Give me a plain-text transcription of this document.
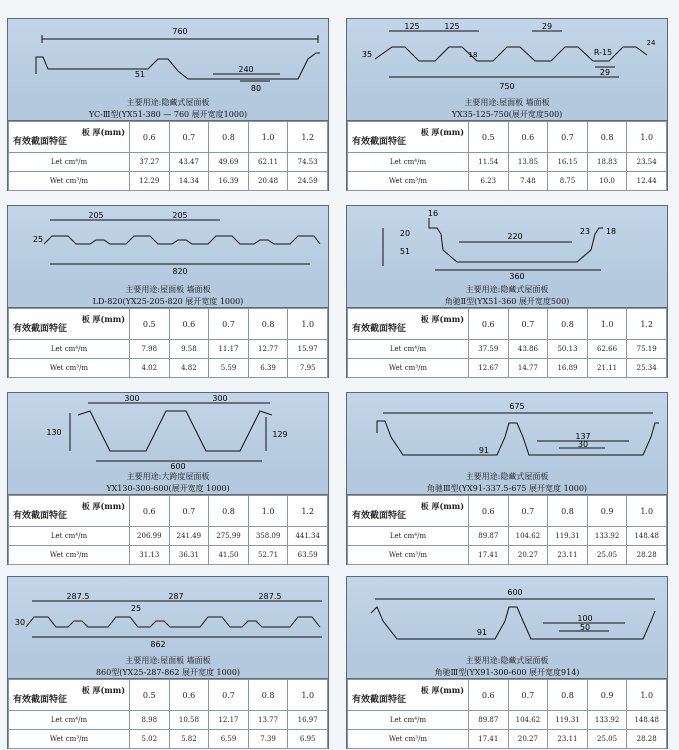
760
240
80
51
主要用途:隐藏式屋面板
YC-Ⅲ型(YX51-380 — 760 展开宽度1000)
板 厚(mm)
有效截面特征	0.6	0.7	0.8	1.0	1.2
Let cm⁴/m	37.27	43.47	49.69	62.11	74.53
Wet cm³/m	12.29	14.34	16.39	20.48	24.59
125	125	29
35	18	R-15
24
29
750
主要用途:屋面板 墙面板
YX35-125-750(展开宽度500)
板 厚(mm)
有效截面特征	0.5	0.6	0.7	0.8	1.0
Let cm⁴/m	11.54	13.85	16.15	18.83	23.54
Wet cm³/m	6.23	7.48	8.75	10.0	12.44
205	205
25
820
主要用途:屋面板 墙面板
LD-820(YX25-205-820 展开宽度 1000)
板 厚(mm)
有效截面特征	0.5	0.6	0.7	0.8	1.0
Let cm⁴/m	7.98	9.58	11.17	12.77	15.97
Wet cm³/m	4.02	4.82	5.59	6.39	7.95
16
20
51
220
23 18
360
主要用途:隐藏式屋面板
角驰Ⅱ型(YX51-360 展开宽度500)
板 厚(mm)
有效截面特征	0.6	0.7	0.8	1.0	1.2
Let cm⁴/m	37.59	43.86	50.13	62.66	75.19
Wet cm³/m	12.67	14.77	16.89	21.11	25.34
300	300
130	129
600
主要用途:大跨度屋面板
YX130-300-600(展开宽度 1000)
板 厚(mm)
有效截面特征	0.6	0.7	0.8	1.0	1.2
Let cm⁴/m	206.99	241.49	275.99	358.09	441.34
Wet cm³/m	31.13	36.31	41.50	52.71	63.59
675
137
30
91
主要用途:隐藏式屋面板
角驰Ⅲ型(YX91-337.5-675 展开宽度 1000)
板 厚(mm)
有效截面特征	0.6	0.7	0.8	0.9	1.0
Let cm⁴/m	89.87	104.62	119.31	133.92	148.48
Wet cm³/m	17.41	20.27	23.11	25.05	28.28
287.5	287	287.5
25
30
862
主要用途:屋面板 墙面板
860型(YX25-287-862 展开宽度 1000)
板 厚(mm)
有效截面特征	0.5	0.6	0.7	0.8	1.0
Let cm⁴/m	8.98	10.58	12.17	13.77	16.97
Wet cm³/m	5.02	5.82	6.59	7.39	6.95
600
100
50
91
主要用途:隐藏式屋面板
角驰Ⅲ型(YX91-300-600 展开宽度914)
板 厚(mm)
有效截面特征	0.6	0.7	0.8	0.9	1.0
Let cm⁴/m	89.87	104.62	119.31	133.92	148.48
Wet cm³/m	17.41	20.27	23.11	25.05	28.28
